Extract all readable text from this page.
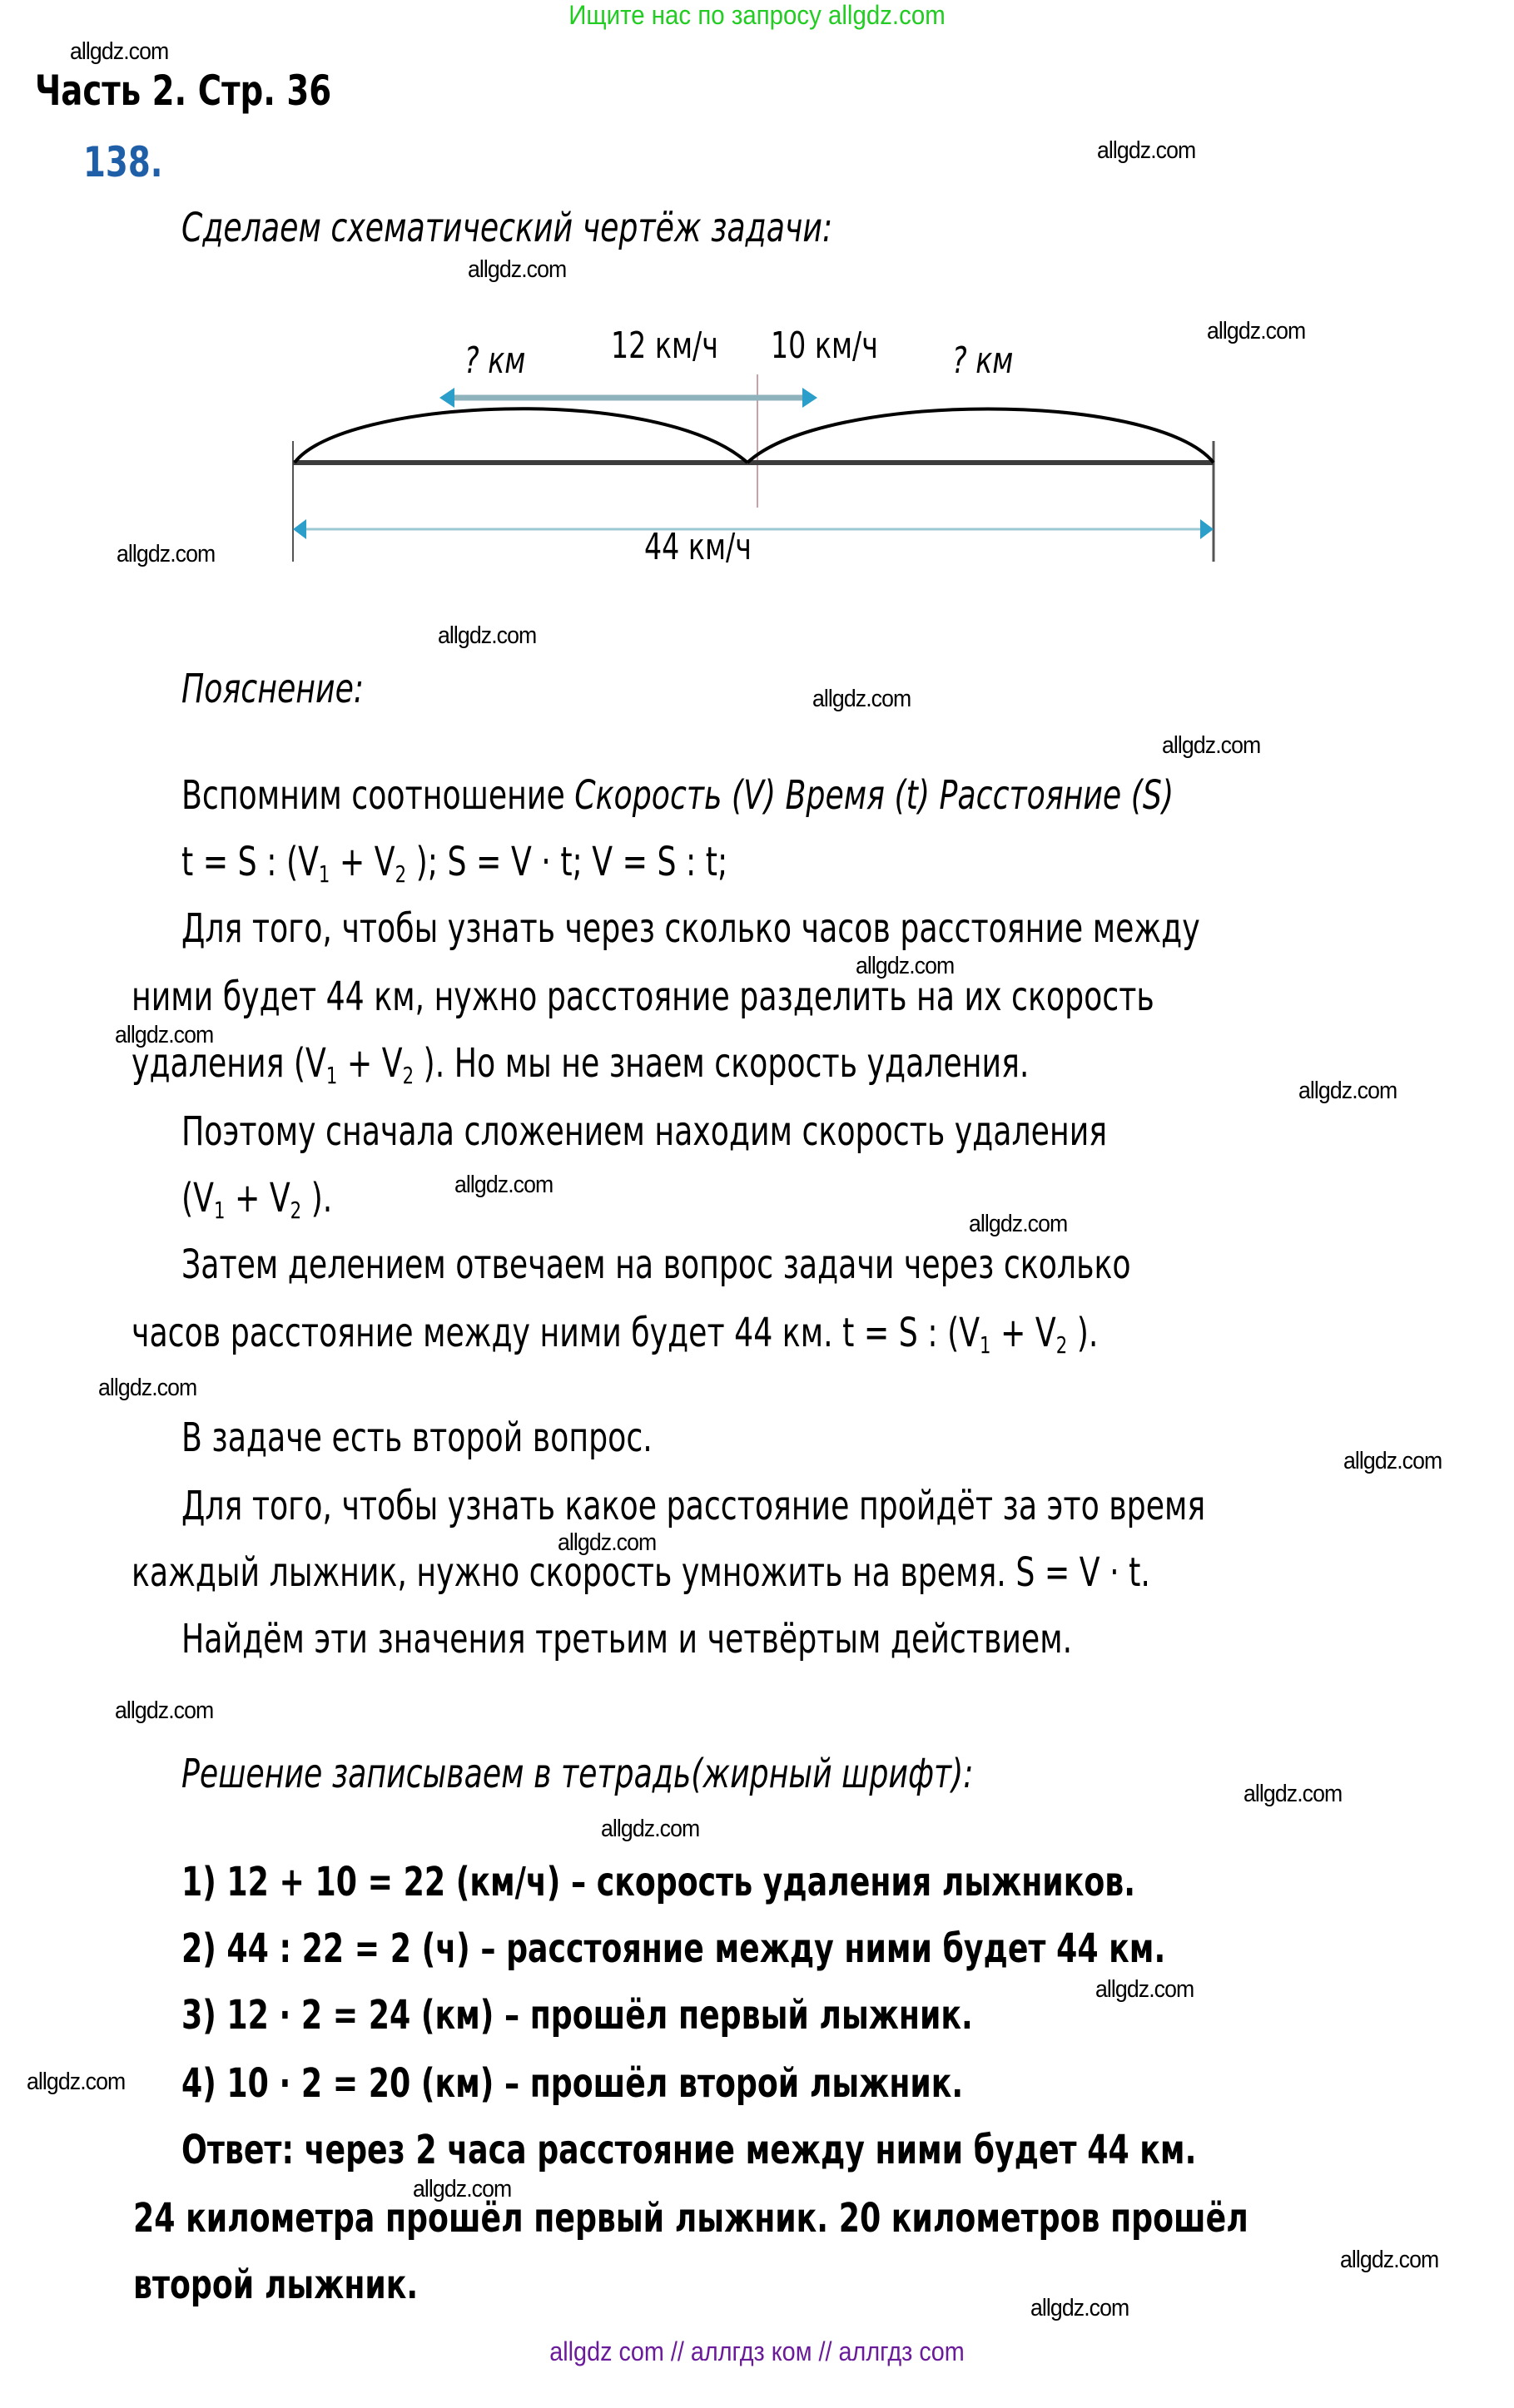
Ищите нас по запросу allgdz.com
allgdz.com
allgdz.com
allgdz.com
allgdz.com
allgdz.com
allgdz.com
allgdz.com
allgdz.com
allgdz.com
allgdz.com
allgdz.com
allgdz.com
allgdz.com
allgdz.com
allgdz.com
allgdz.com
allgdz.com
allgdz.com
allgdz.com
allgdz.com
allgdz.com
allgdz.com
allgdz.com
allgdz.com
Часть 2. Стр. 36
138.
Сделаем схематический чертёж задачи:
? км 12 км/ч 10 км/ч ? км
44 км/ч
Пояснение:
Вспомним соотношение Скорость (V) Время (t) Расстояние (S)
t = S : ($V_1 + V_2$ ); S = V · t; V = S : t;
Для того, чтобы узнать через сколько часов расстояние между
ними будет 44 км, нужно расстояние разделить на их скорость
удаления ($V_1 + V_2$ ). Но мы не знаем скорость удаления.
Поэтому сначала сложением находим скорость удаления
($V_1 + V_2$ ).
Затем делением отвечаем на вопрос задачи через сколько
часов расстояние между ними будет 44 км. t = S : ($V_1 + V_2$ ).
В задаче есть второй вопрос.
Для того, чтобы узнать какое расстояние пройдёт за это время
каждый лыжник, нужно скорость умножить на время. S = V · t.
Найдём эти значения третьим и четвёртым действием.
Решение записываем в тетрадь(жирный шрифт):
1) 12 + 10 = 22 (км/ч) – скорость удаления лыжников.
2) 44 : 22 = 2 (ч) – расстояние между ними будет 44 км.
3) 12 · 2 = 24 (км) – прошёл первый лыжник.
4) 10 · 2 = 20 (км) – прошёл второй лыжник.
Ответ: через 2 часа расстояние между ними будет 44 км.
24 километра прошёл первый лыжник. 20 километров прошёл
второй лыжник.
allgdz com // аллгдз ком // аллгдз com
